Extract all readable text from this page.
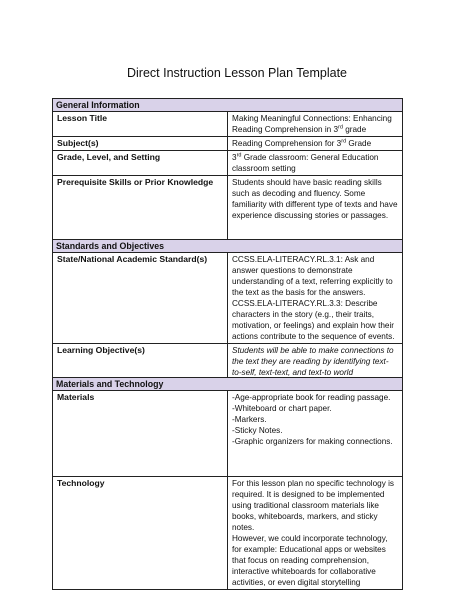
Direct Instruction Lesson Plan Template
General Information	
Lesson Title	Making Meaningful Connections: Enhancing Reading Comprehension in 3rd grade
Subject(s)	Reading Comprehension for 3rd Grade
Grade, Level, and Setting	3rd Grade classroom: General Education classroom setting
Prerequisite Skills or Prior Knowledge	Students should have basic reading skills such as decoding and fluency. Some familiarity with different type of texts and have experience discussing stories or passages.
Standards and Objectives	
State/National Academic Standard(s)	CCSS.ELA-LITERACY.RL.3.1: Ask and answer questions to demonstrate understanding of a text, referring explicitly to the text as the basis for the answers.
CCSS.ELA-LITERACY.RL.3.3: Describe characters in the story (e.g., their traits, motivation, or feelings) and explain how their actions contribute to the sequence of events.

Learning Objective(s)	Students will be able to make connections to the text they are reading by identifying text-to-self, text-text, and text-to world
Materials and Technology	
Materials	-Age-appropriate book for reading passage.
-Whiteboard or chart paper.
-Markers.
-Sticky Notes.
-Graphic organizers for making connections.

Technology	For this lesson plan no specific technology is required. It is designed to be implemented using traditional classroom materials like books, whiteboards, markers, and sticky notes.
However, we could incorporate technology, for example: Educational apps or websites that focus on reading comprehension, interactive whiteboards for collaborative activities, or even digital storytelling
